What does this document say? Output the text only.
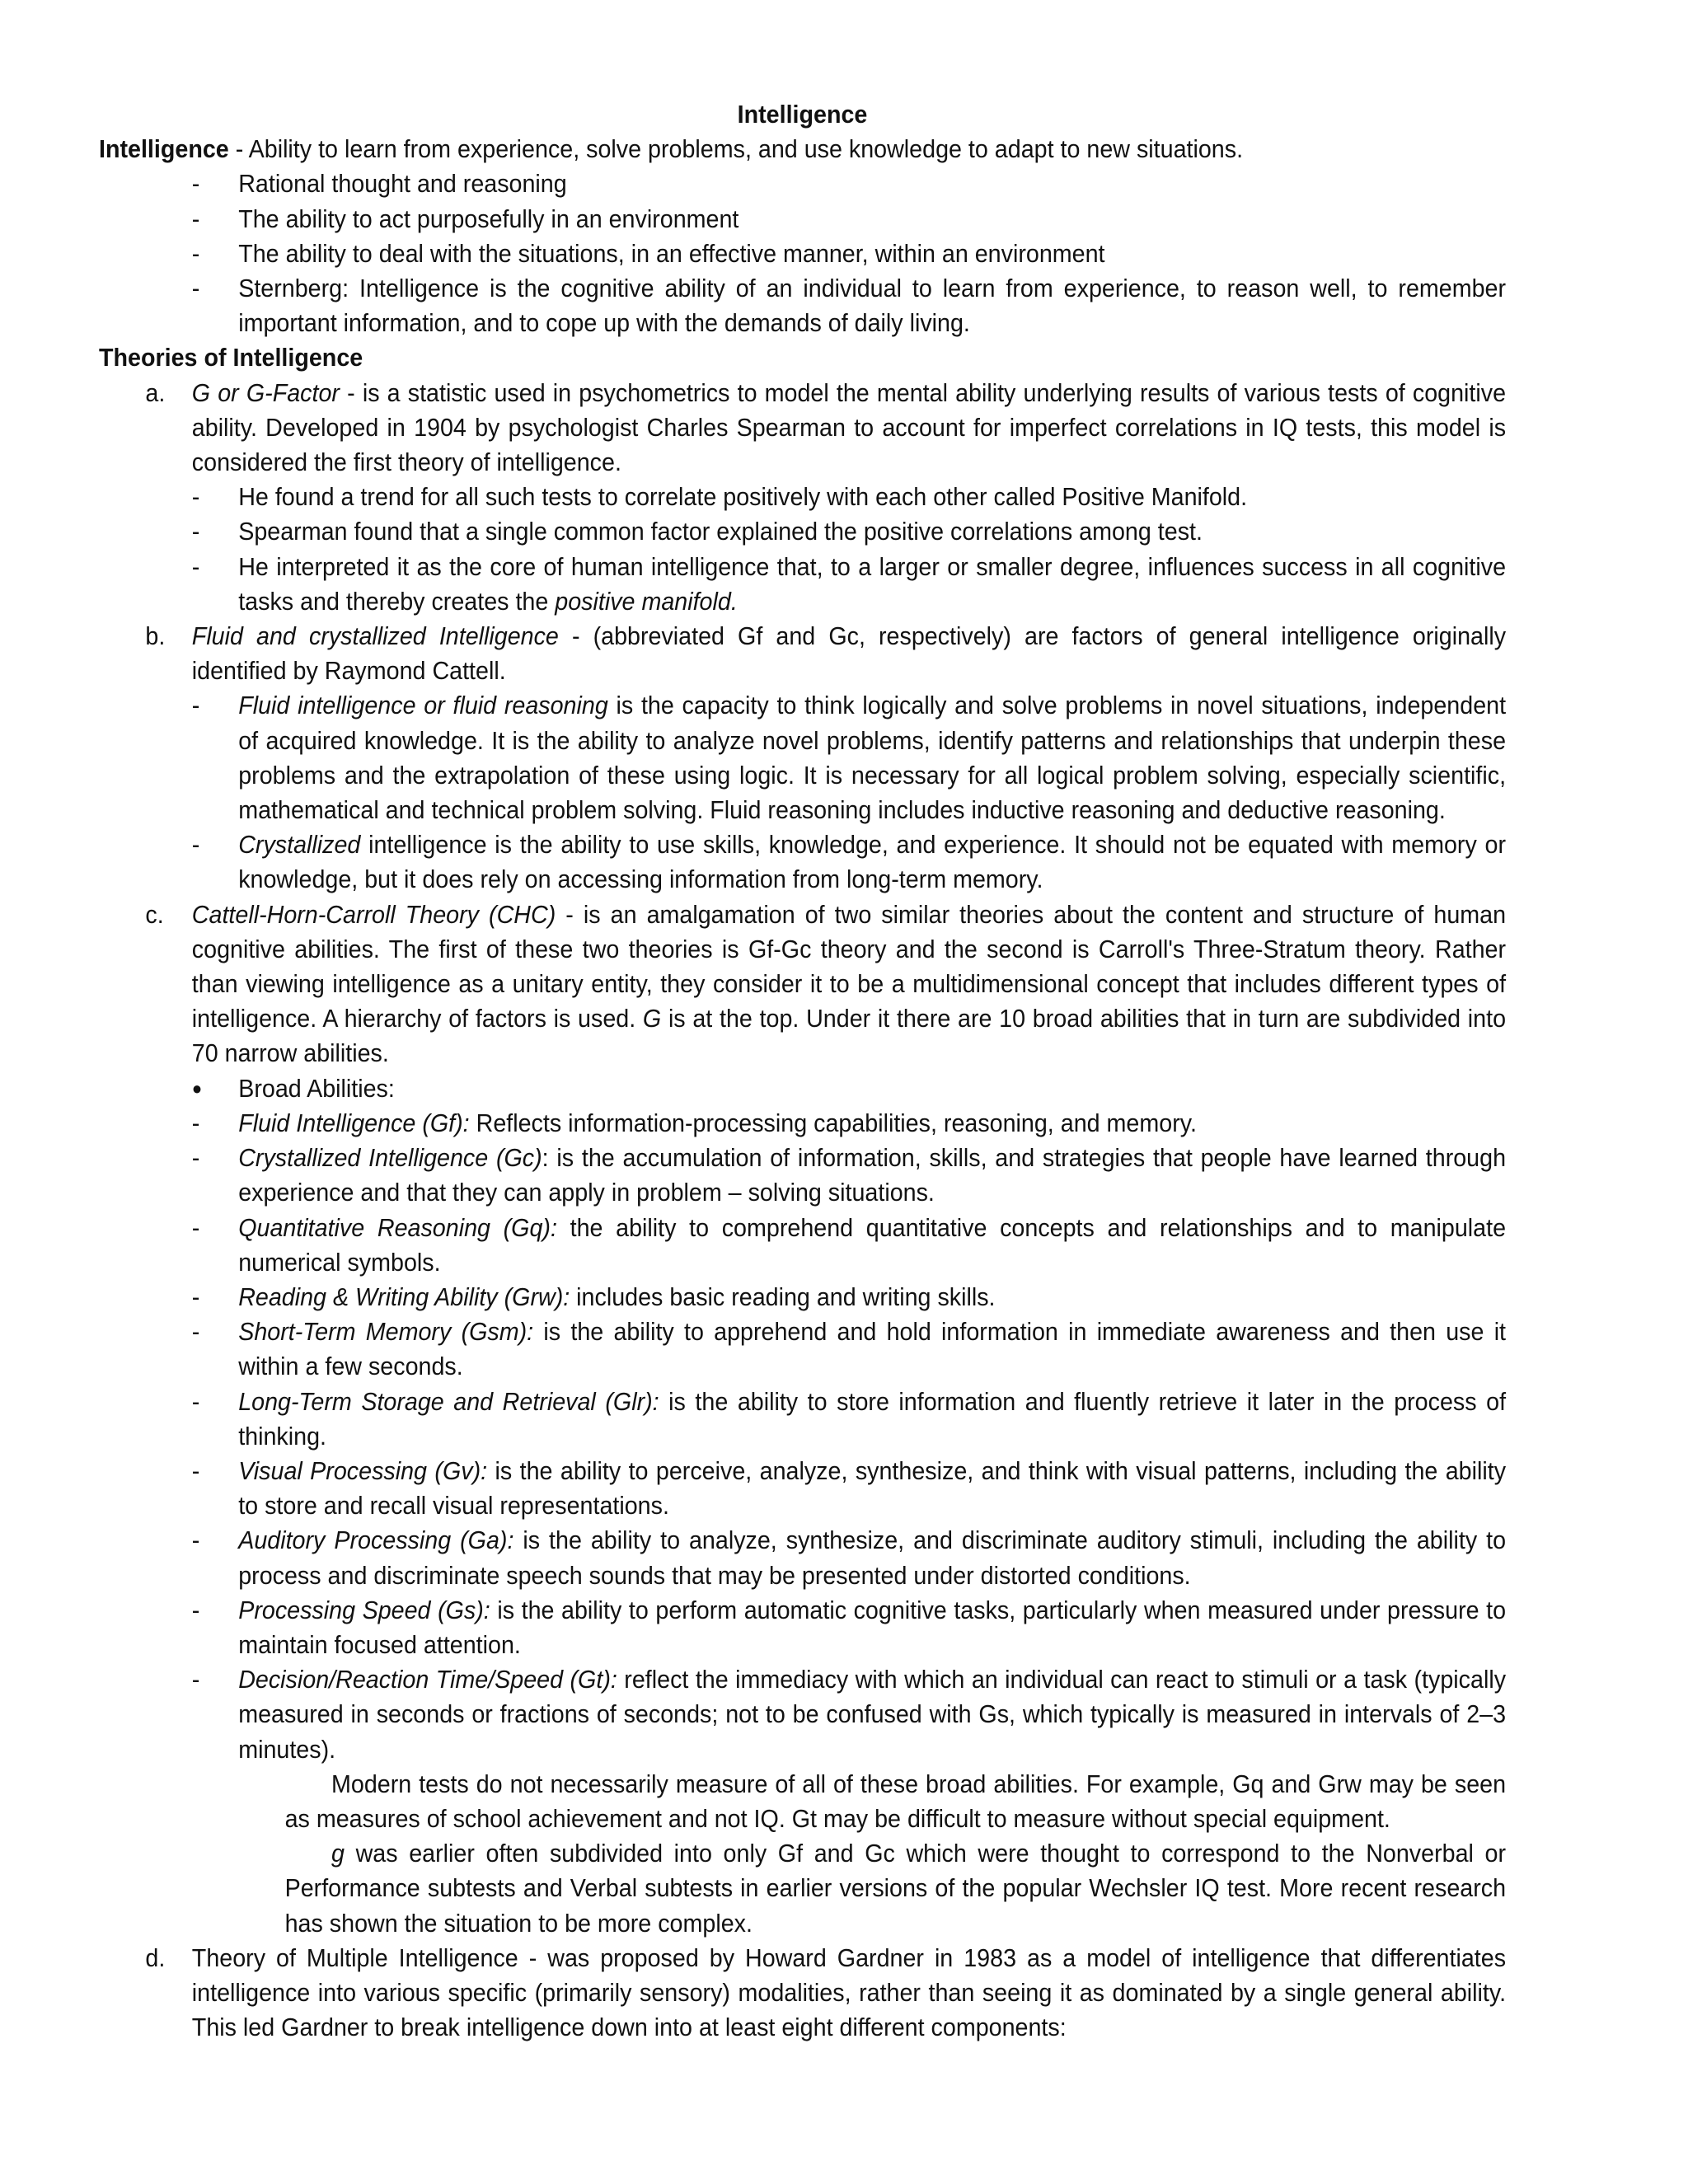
Intelligence

Intelligence - Ability to learn from experience, solve problems, and use knowledge to adapt to new situations.

- Rational thought and reasoning

- The ability to act purposefully in an environment

- The ability to deal with the situations, in an effective manner, within an environment

- Sternberg: Intelligence is the cognitive ability of an individual to learn from experience, to reason well, to remember important information, and to cope up with the demands of daily living.

Theories of Intelligence

a. G or G-Factor - is a statistic used in psychometrics to model the mental ability underlying results of various tests of cognitive ability. Developed in 1904 by psychologist Charles Spearman to account for imperfect correlations in IQ tests, this model is considered the first theory of intelligence.

- He found a trend for all such tests to correlate positively with each other called Positive Manifold.

- Spearman found that a single common factor explained the positive correlations among test.

- He interpreted it as the core of human intelligence that, to a larger or smaller degree, influences success in all cognitive tasks and thereby creates the positive manifold.

b. Fluid and crystallized Intelligence - (abbreviated Gf and Gc, respectively) are factors of general intelligence originally identified by Raymond Cattell.

- Fluid intelligence or fluid reasoning is the capacity to think logically and solve problems in novel situations, independent of acquired knowledge. It is the ability to analyze novel problems, identify patterns and relationships that underpin these problems and the extrapolation of these using logic. It is necessary for all logical problem solving, especially scientific, mathematical and technical problem solving. Fluid reasoning includes inductive reasoning and deductive reasoning.

- Crystallized intelligence is the ability to use skills, knowledge, and experience. It should not be equated with memory or knowledge, but it does rely on accessing information from long-term memory.

c. Cattell-Horn-Carroll Theory (CHC) - is an amalgamation of two similar theories about the content and structure of human cognitive abilities. The first of these two theories is Gf-Gc theory and the second is Carroll's Three-Stratum theory. Rather than viewing intelligence as a unitary entity, they consider it to be a multidimensional concept that includes different types of intelligence. A hierarchy of factors is used. G is at the top. Under it there are 10 broad abilities that in turn are subdivided into 70 narrow abilities.

● Broad Abilities:

- Fluid Intelligence (Gf): Reflects information-processing capabilities, reasoning, and memory.

- Crystallized Intelligence (Gc): is the accumulation of information, skills, and strategies that people have learned through experience and that they can apply in problem – solving situations.

- Quantitative Reasoning (Gq): the ability to comprehend quantitative concepts and relationships and to manipulate numerical symbols.

- Reading & Writing Ability (Grw): includes basic reading and writing skills.

- Short-Term Memory (Gsm): is the ability to apprehend and hold information in immediate awareness and then use it within a few seconds.

- Long-Term Storage and Retrieval (Glr): is the ability to store information and fluently retrieve it later in the process of thinking.

- Visual Processing (Gv): is the ability to perceive, analyze, synthesize, and think with visual patterns, including the ability to store and recall visual representations.

- Auditory Processing (Ga): is the ability to analyze, synthesize, and discriminate auditory stimuli, including the ability to process and discriminate speech sounds that may be presented under distorted conditions.

- Processing Speed (Gs): is the ability to perform automatic cognitive tasks, particularly when measured under pressure to maintain focused attention.

- Decision/Reaction Time/Speed (Gt): reflect the immediacy with which an individual can react to stimuli or a task (typically measured in seconds or fractions of seconds; not to be confused with Gs, which typically is measured in intervals of 2–3 minutes).

Modern tests do not necessarily measure of all of these broad abilities. For example, Gq and Grw may be seen as measures of school achievement and not IQ. Gt may be difficult to measure without special equipment.

g was earlier often subdivided into only Gf and Gc which were thought to correspond to the Nonverbal or Performance subtests and Verbal subtests in earlier versions of the popular Wechsler IQ test. More recent research has shown the situation to be more complex.

d. Theory of Multiple Intelligence - was proposed by Howard Gardner in 1983 as a model of intelligence that differentiates intelligence into various specific (primarily sensory) modalities, rather than seeing it as dominated by a single general ability. This led Gardner to break intelligence down into at least eight different components:
